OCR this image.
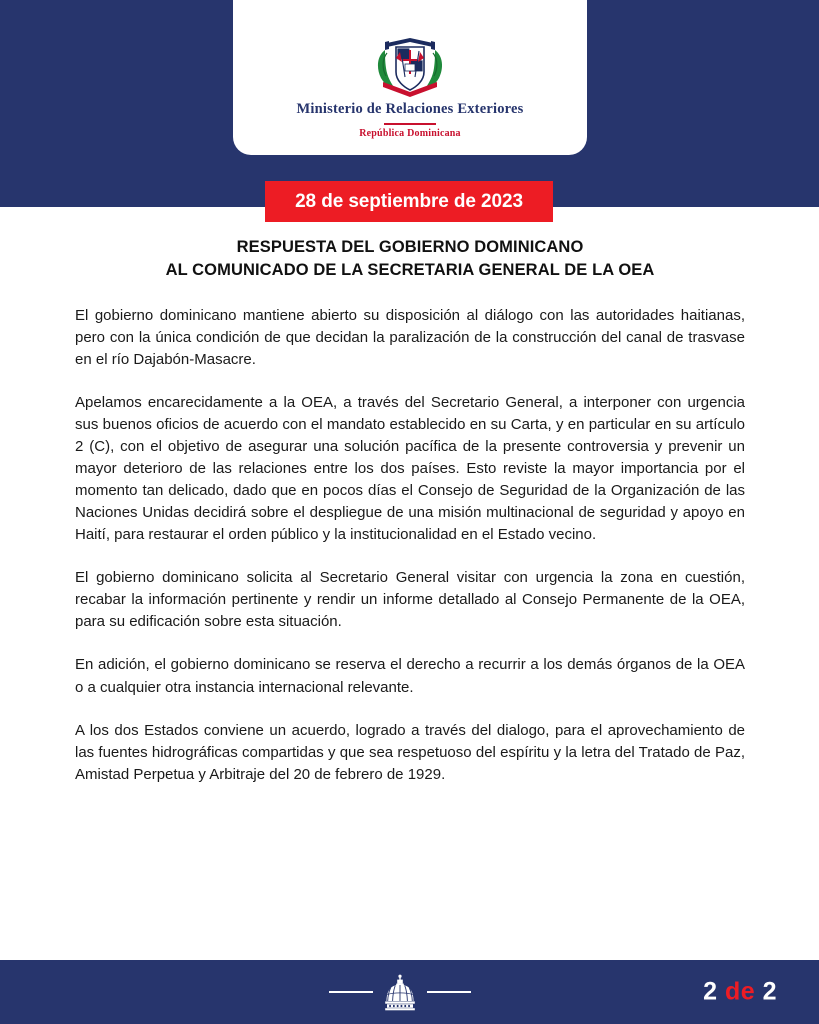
Ministerio de Relaciones Exteriores
República Dominicana
28 de septiembre de 2023
RESPUESTA DEL GOBIERNO DOMINICANO
AL COMUNICADO DE LA SECRETARIA GENERAL DE LA OEA

El gobierno dominicano mantiene abierto su disposición al diálogo con las autoridades haitianas, pero con la única condición de que decidan la paralización de la construcción del canal de trasvase en el río Dajabón-Masacre.

Apelamos encarecidamente a la OEA, a través del Secretario General, a interponer con urgencia sus buenos oficios de acuerdo con el mandato establecido en su Carta, y en particular en su artículo 2 (C), con el objetivo de asegurar una solución pacífica de la presente controversia y prevenir un mayor deterioro de las relaciones entre los dos países. Esto reviste la mayor importancia por el momento tan delicado, dado que en pocos días el Consejo de Seguridad de la Organización de las Naciones Unidas decidirá sobre el despliegue de una misión multinacional de seguridad y apoyo en Haití, para restaurar el orden público y la institucionalidad en el Estado vecino.

El gobierno dominicano solicita al Secretario General visitar con urgencia la zona en cuestión, recabar la información pertinente y rendir un informe detallado al Consejo Permanente de la OEA, para su edificación sobre esta situación.

En adición, el gobierno dominicano se reserva el derecho a recurrir a los demás órganos de la OEA o a cualquier otra instancia internacional relevante.

A los dos Estados conviene un acuerdo, logrado a través del dialogo, para el aprovechamiento de las fuentes hidrográficas compartidas y que sea respetuoso del espíritu y la letra del Tratado de Paz, Amistad Perpetua y Arbitraje del 20 de febrero de 1929.

2 de 2
